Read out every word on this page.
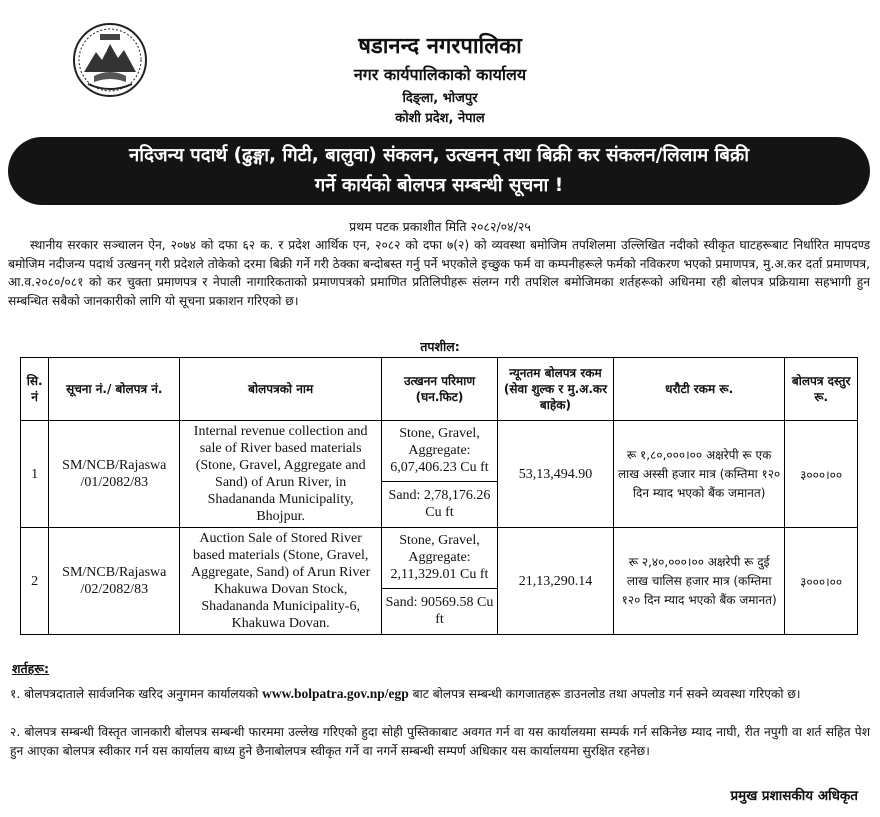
षडानन्द नगरपालिका
नगर कार्यपालिकाको कार्यालय
दिङ्ला, भोजपुर
कोशी प्रदेश, नेपाल
नदिजन्य पदार्थ (ढुङ्गा, गिटी, बालुवा) संकलन, उत्खनन् तथा बिक्री कर संकलन/लिलाम बिक्री
गर्ने कार्यको बोलपत्र सम्बन्धी सूचना !
प्रथम पटक प्रकाशीत मिति २०८२/०४/२५
स्थानीय सरकार सञ्चालन ऐन, २०७४ को दफा ६२ क. र प्रदेश आर्थिक एन, २०८२ को दफा ७(२) को व्यवस्था बमोजिम तपशिलमा उल्लिखित नदीको स्वीकृत घाटहरूबाट निर्धारित मापदण्ड बमोजिम नदीजन्य पदार्थ उत्खनन् गरी प्रदेशले तोकेको दरमा बिक्री गर्ने गरी ठेक्का बन्दोबस्त गर्नु पर्ने भएकोले इच्छुक फर्म वा कम्पनीहरूले फर्मको नविकरण भएको प्रमाणपत्र, मु.अ.कर दर्ता प्रमाणपत्र, आ.व.२०८०/०८१ को कर चुक्ता प्रमाणपत्र र नेपाली नागारिकताको प्रमाणपत्रको प्रमाणित प्रतिलिपीहरू संलग्न गरी तपशिल बमोजिमका शर्तहरूको अधिनमा रही बोलपत्र प्रक्रियामा सहभागी हुन सम्बन्धित सबैको जानकारीको लागि यो सूचना प्रकाशन गरिएको छ।
तपशील:
सि. नं	सूचना नं./ बोलपत्र नं.	बोलपत्रको नाम	उत्खनन परिमाण (घन.फिट)	न्यूनतम बोलपत्र रकम (सेवा शुल्क र मु.अ.कर बाहेक)	धरौटी रकम रू.	बोलपत्र दस्तुर रू.
1	SM/NCB/Rajaswa /01/2082/83	Internal revenue collection and sale of River based materials (Stone, Gravel, Aggregate and Sand) of Arun River, in Shadananda Municipality, Bhojpur.	Stone, Gravel, Aggregate: 6,07,406.23 Cu ft	53,13,494.90	रू १,८०,०००।०० अक्षरेपी रू एक लाख अस्सी हजार मात्र (कम्तिमा १२० दिन म्याद भएको बैंक जमानत)	३०००।००
			Sand: 2,78,176.26 Cu ft			
2	SM/NCB/Rajaswa /02/2082/83	Auction Sale of Stored River based materials (Stone, Gravel, Aggregate, Sand) of Arun River Khakuwa Dovan Stock, Shadananda Municipality-6, Khakuwa Dovan.	Stone, Gravel, Aggregate: 2,11,329.01 Cu ft	21,13,290.14	रू २,४०,०००।०० अक्षरेपी रू दुई लाख चालिस हजार मात्र (कम्तिमा १२० दिन म्याद भएको बैंक जमानत)	३०००।००
			Sand: 90569.58 Cu ft			
शर्तहरू:
१. बोलपत्रदाताले सार्वजनिक खरिद अनुगमन कार्यालयको www.bolpatra.gov.np/egp बाट बोलपत्र सम्बन्धी कागजातहरू डाउनलोड तथा अपलोड गर्न सक्ने व्यवस्था गरिएको छ।
२. बोलपत्र सम्बन्धी विस्तृत जानकारी बोलपत्र सम्बन्धी फारममा उल्लेख गरिएको हुदा सोही पुस्तिकाबाट अवगत गर्न वा यस कार्यालयमा सम्पर्क गर्न सकिनेछ म्याद नाघी, रीत नपुगी वा शर्त सहित पेश हुन आएका बोलपत्र स्वीकार गर्न यस कार्यालय बाध्य हुने छैनाबोलपत्र स्वीकृत गर्ने वा नगर्ने सम्बन्धी सम्पर्ण अधिकार यस कार्यालयमा सुरक्षित रहनेछ।
प्रमुख प्रशासकीय अधिकृत
